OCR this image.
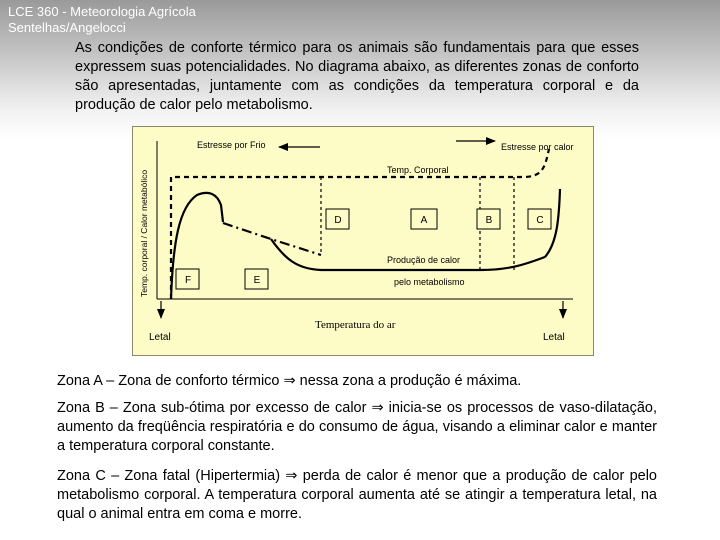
LCE 360 - Meteorologia Agrícola
Sentelhas/Angelocci
As condições de conforte térmico para os animais são fundamentais para que esses expressem suas potencialidades. No diagrama abaixo, as diferentes zonas de conforto são apresentadas, juntamente com as condições da temperatura corporal e da produção de calor pelo metabolismo.
Temp. corporal / Calor metabólico
Estresse por Frio	Estresse por calor
Temp. Corporal
Produção de calor
pelo metabolismo
D	A	B	C
F	E
Letal	Letal
Temperatura do ar
Zona A – Zona de conforto térmico ⇒ nessa zona a produção é máxima.
Zona B – Zona sub-ótima por excesso de calor ⇒ inicia-se os processos de vaso-dilatação, aumento da freqüência respiratória e do consumo de água, visando a eliminar calor e manter a temperatura corporal constante.
Zona C – Zona fatal (Hipertermia) ⇒ perda de calor é menor que a produção de calor pelo metabolismo corporal. A temperatura corporal aumenta até se atingir a temperatura letal, na qual o animal entra em coma e morre.
